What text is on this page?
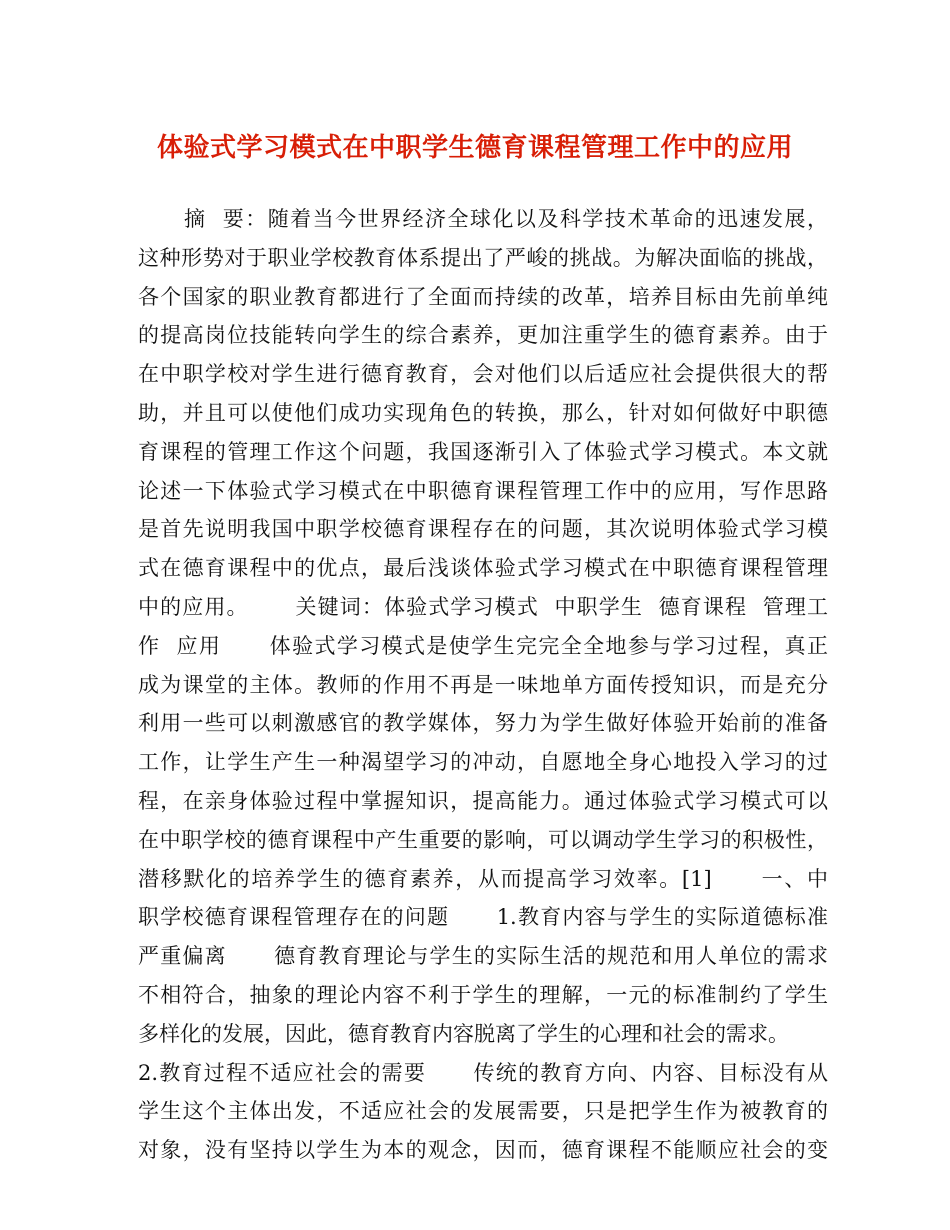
体验式学习模式在中职学生德育课程管理工作中的应用
摘  要：随着当今世界经济全球化以及科学技术革命的迅速发展，
这种形势对于职业学校教育体系提出了严峻的挑战。为解决面临的挑战，
各个国家的职业教育都进行了全面而持续的改革，培养目标由先前单纯
的提高岗位技能转向学生的综合素养，更加注重学生的德育素养。由于
在中职学校对学生进行德育教育，会对他们以后适应社会提供很大的帮
助，并且可以使他们成功实现角色的转换，那么，针对如何做好中职德
育课程的管理工作这个问题，我国逐渐引入了体验式学习模式。本文就
论述一下体验式学习模式在中职德育课程管理工作中的应用，写作思路
是首先说明我国中职学校德育课程存在的问题，其次说明体验式学习模
式在德育课程中的优点，最后浅谈体验式学习模式在中职德育课程管理
中的应用。      关键词：体验式学习模式  中职学生  德育课程  管理工
作  应用      体验式学习模式是使学生完完全全地参与学习过程，真正
成为课堂的主体。教师的作用不再是一味地单方面传授知识，而是充分
利用一些可以刺激感官的教学媒体，努力为学生做好体验开始前的准备
工作，让学生产生一种渴望学习的冲动，自愿地全身心地投入学习的过
程，在亲身体验过程中掌握知识，提高能力。通过体验式学习模式可以
在中职学校的德育课程中产生重要的影响，可以调动学生学习的积极性，
潜移默化的培养学生的德育素养，从而提高学习效率。[1]      一、中
职学校德育课程管理存在的问题      1.教育内容与学生的实际道德标准
严重偏离      德育教育理论与学生的实际生活的规范和用人单位的需求
不相符合，抽象的理论内容不利于学生的理解，一元的标准制约了学生
多样化的发展，因此，德育教育内容脱离了学生的心理和社会的需求。
2.教育过程不适应社会的需要      传统的教育方向、内容、目标没有从
学生这个主体出发，不适应社会的发展需要，只是把学生作为被教育的
对象，没有坚持以学生为本的观念，因而，德育课程不能顺应社会的变
